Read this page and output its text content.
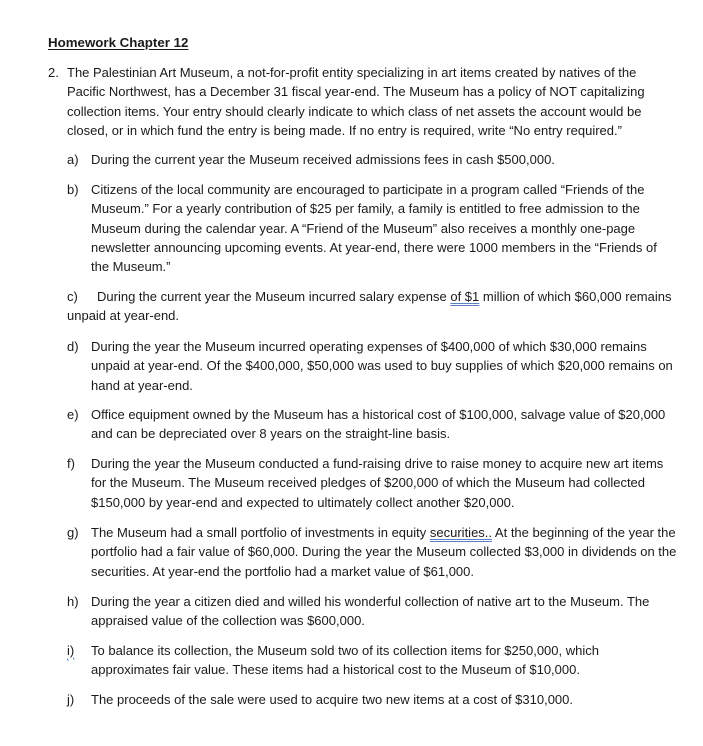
Homework Chapter 12
2. The Palestinian Art Museum, a not-for-profit entity specializing in art items created by natives of the Pacific Northwest, has a December 31 fiscal year-end. The Museum has a policy of NOT capitalizing collection items. Your entry should clearly indicate to which class of net assets the account would be closed, or in which fund the entry is being made. If no entry is required, write “No entry required.”
a) During the current year the Museum received admissions fees in cash $500,000.
b) Citizens of the local community are encouraged to participate in a program called “Friends of the Museum.” For a yearly contribution of $25 per family, a family is entitled to free admission to the Museum during the calendar year. A “Friend of the Museum” also receives a monthly one-page newsletter announcing upcoming events. At year-end, there were 1000 members in the “Friends of the Museum.”
c) During the current year the Museum incurred salary expense of $1 million of which $60,000 remains unpaid at year-end.
d) During the year the Museum incurred operating expenses of $400,000 of which $30,000 remains unpaid at year-end. Of the $400,000, $50,000 was used to buy supplies of which $20,000 remains on hand at year-end.
e) Office equipment owned by the Museum has a historical cost of $100,000, salvage value of $20,000 and can be depreciated over 8 years on the straight-line basis.
f) During the year the Museum conducted a fund-raising drive to raise money to acquire new art items for the Museum. The Museum received pledges of $200,000 of which the Museum had collected $150,000 by year-end and expected to ultimately collect another $20,000.
g) The Museum had a small portfolio of investments in equity securities.. At the beginning of the year the portfolio had a fair value of $60,000. During the year the Museum collected $3,000 in dividends on the securities. At year-end the portfolio had a market value of $61,000.
h) During the year a citizen died and willed his wonderful collection of native art to the Museum. The appraised value of the collection was $600,000.
i) To balance its collection, the Museum sold two of its collection items for $250,000, which approximates fair value. These items had a historical cost to the Museum of $10,000.
j) The proceeds of the sale were used to acquire two new items at a cost of $310,000.
